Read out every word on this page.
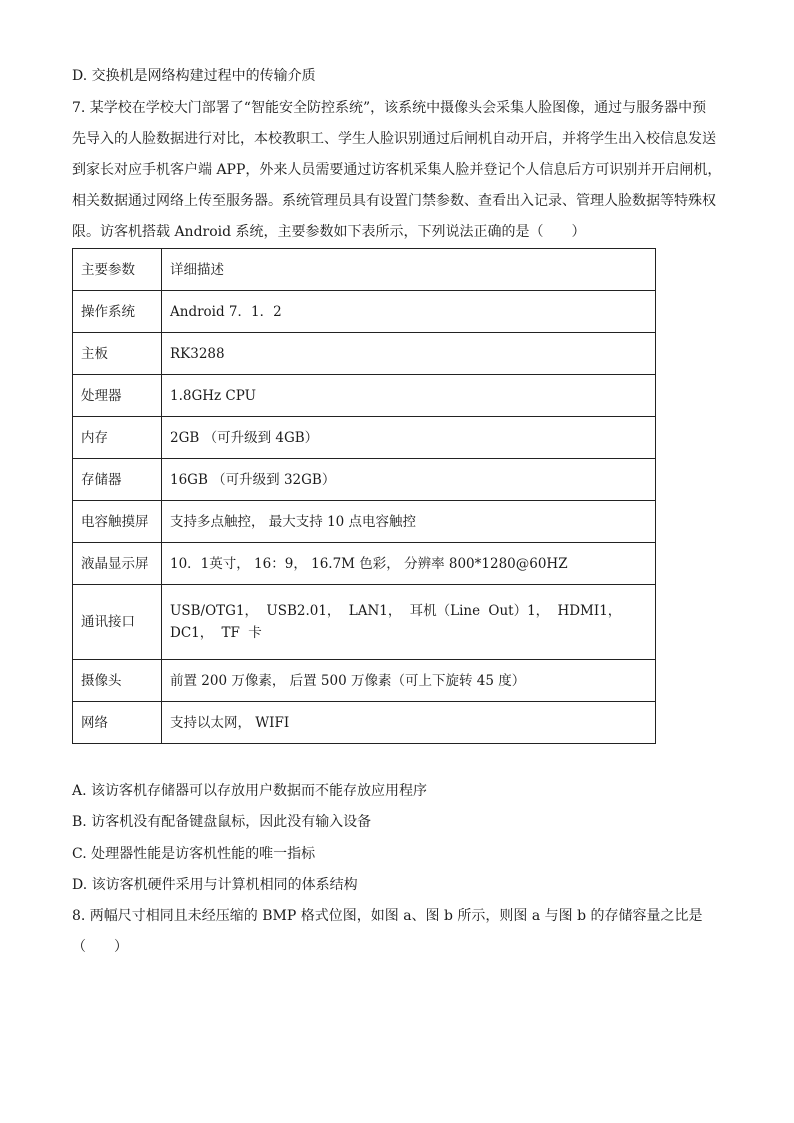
D. 交换机是网络构建过程中的传输介质
7. 某学校在学校大门部署了“智能安全防控系统”，该系统中摄像头会采集人脸图像，通过与服务器中预
先导入的人脸数据进行对比，本校教职工、学生人脸识别通过后闸机自动开启，并将学生出入校信息发送
到家长对应手机客户端 APP，外来人员需要通过访客机采集人脸并登记个人信息后方可识别并开启闸机，
相关数据通过网络上传至服务器。系统管理员具有设置门禁参数、查看出入记录、管理人脸数据等特殊权
限。访客机搭载 Android 系统，主要参数如下表所示，下列说法正确的是（　　）
主要参数	详细描述
操作系统	Android 7．1．2
主板	RK3288
处理器	1.8GHz CPU
内存	2GB （可升级到 4GB）
存储器	16GB （可升级到 32GB）
电容触摸屏	支持多点触控， 最大支持 10 点电容触控
液晶显示屏	10．1英寸， 16：9， 16.7M 色彩， 分辨率 800*1280@60HZ
通讯接口	USB/OTG1， USB2.01， LAN1， 耳机（Line Out）1， HDMI1， DC1， TF 卡
摄像头	前置 200 万像素， 后置 500 万像素（可上下旋转 45 度）
网络	支持以太网， WIFI
A. 该访客机存储器可以存放用户数据而不能存放应用程序
B. 访客机没有配备键盘鼠标，因此没有输入设备
C. 处理器性能是访客机性能的唯一指标
D. 该访客机硬件采用与计算机相同的体系结构
8. 两幅尺寸相同且未经压缩的 BMP 格式位图，如图 a、图 b 所示，则图 a 与图 b 的存储容量之比是
（　　）
